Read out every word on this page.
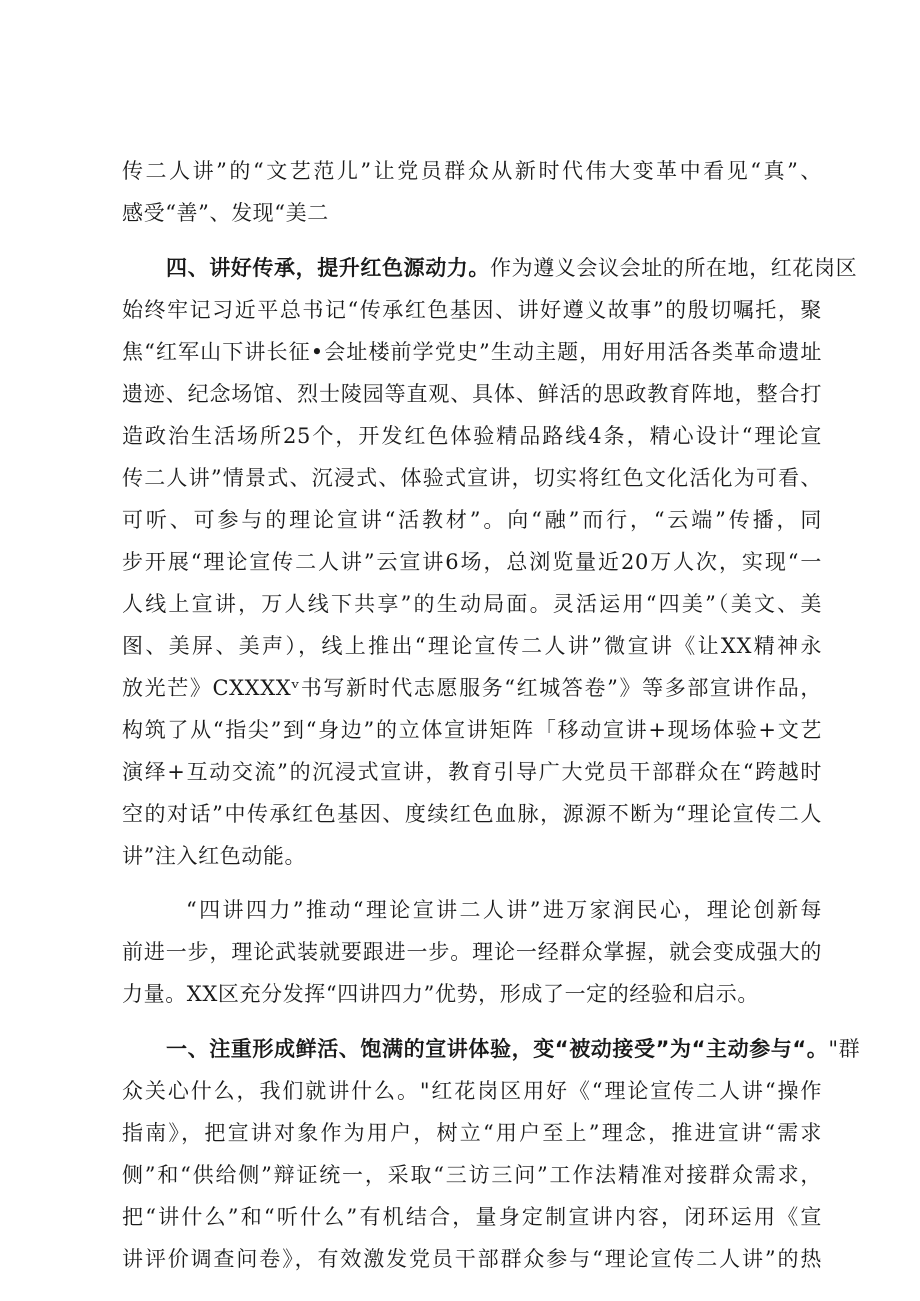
传二人讲”的“文艺范儿”让党员群众从新时代伟大变革中看见“真”、
感受“善”、发现“美二
四、讲好传承，提升红色源动力。作为遵义会议会址的所在地，红花岗区
始终牢记习近平总书记“传承红色基因、讲好遵义故事”的殷切嘱托，聚
焦“红军山下讲长征•会址楼前学党史”生动主题，用好用活各类革命遗址
遗迹、纪念场馆、烈士陵园等直观、具体、鲜活的思政教育阵地，整合打
造政治生活场所25个，开发红色体验精品路线4条，精心设计“理论宣
传二人讲”情景式、沉浸式、体验式宣讲，切实将红色文化活化为可看、
可听、可参与的理论宣讲“活教材”。向“融”而行，“云端”传播，同
步开展“理论宣传二人讲”云宣讲6场，总浏览量近20万人次，实现“一
人线上宣讲，万人线下共享”的生动局面。灵活运用“四美”（美文、美
图、美屏、美声），线上推出“理论宣传二人讲”微宣讲《让XX精神永
放光芒》CXXXXᵛ书写新时代志愿服务“红城答卷”》等多部宣讲作品，
构筑了从“指尖”到“身边”的立体宣讲矩阵「移动宣讲+现场体验+文艺
演绎+互动交流”的沉浸式宣讲，教育引导广大党员干部群众在“跨越时
空的对话”中传承红色基因、度续红色血脉，源源不断为“理论宣传二人
讲”注入红色动能。
“四讲四力”推动“理论宣讲二人讲”进万家润民心，理论创新每
前进一步，理论武装就要跟进一步。理论一经群众掌握，就会变成强大的
力量。XX区充分发挥“四讲四力”优势，形成了一定的经验和启示。
一、注重形成鲜活、饱满的宣讲体验，变“被动接受”为“主动参与“。"群
众关心什么，我们就讲什么。"红花岗区用好《“理论宣传二人讲“操作
指南》，把宣讲对象作为用户，树立“用户至上”理念，推进宣讲“需求
侧”和“供给侧”辩证统一，采取“三访三问”工作法精准对接群众需求，
把“讲什么”和“听什么”有机结合，量身定制宣讲内容，闭环运用《宣
讲评价调查问卷》，有效激发党员干部群众参与“理论宣传二人讲”的热
